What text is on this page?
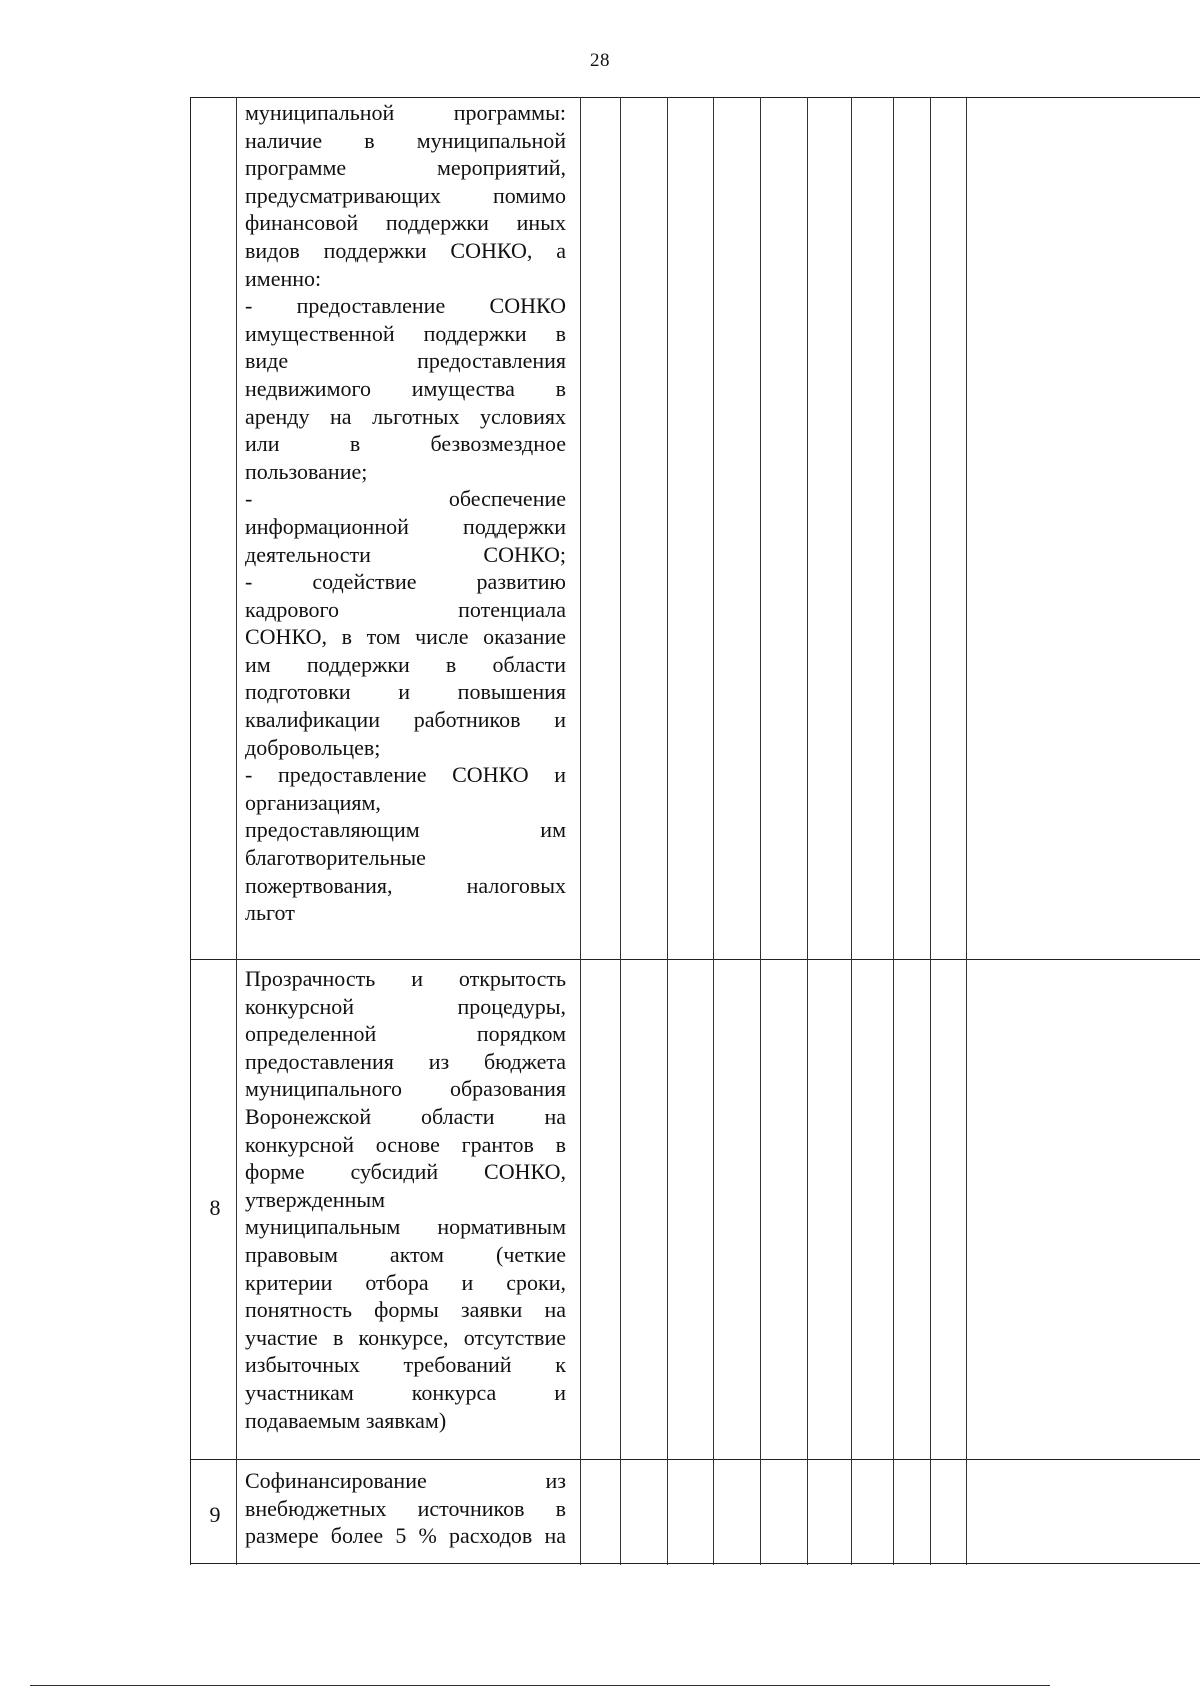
28
муниципальной программы:
наличие в муниципальной
программе мероприятий,
предусматривающих помимо
финансовой поддержки иных
видов поддержки СОНКО, а
именно:
- предоставление СОНКО
имущественной поддержки в
виде предоставления
недвижимого имущества в
аренду на льготных условиях
или в безвозмездное
пользование;
- обеспечение
информационной поддержки
деятельности СОНКО;
- содействие развитию
кадрового потенциала
СОНКО, в том числе оказание
им поддержки в области
подготовки и повышения
квалификации работников и
добровольцев;
- предоставление СОНКО и
организациям,
предоставляющим им
благотворительные
пожертвования, налоговых
льгот
8
Прозрачность и открытость
конкурсной процедуры,
определенной порядком
предоставления из бюджета
муниципального образования
Воронежской области на
конкурсной основе грантов в
форме субсидий СОНКО,
утвержденным
муниципальным нормативным
правовым актом (четкие
критерии отбора и сроки,
понятность формы заявки на
участие в конкурсе, отсутствие
избыточных требований к
участникам конкурса и
подаваемым заявкам)
9
Софинансирование из
внебюджетных источников в
размере более 5 % расходов на
